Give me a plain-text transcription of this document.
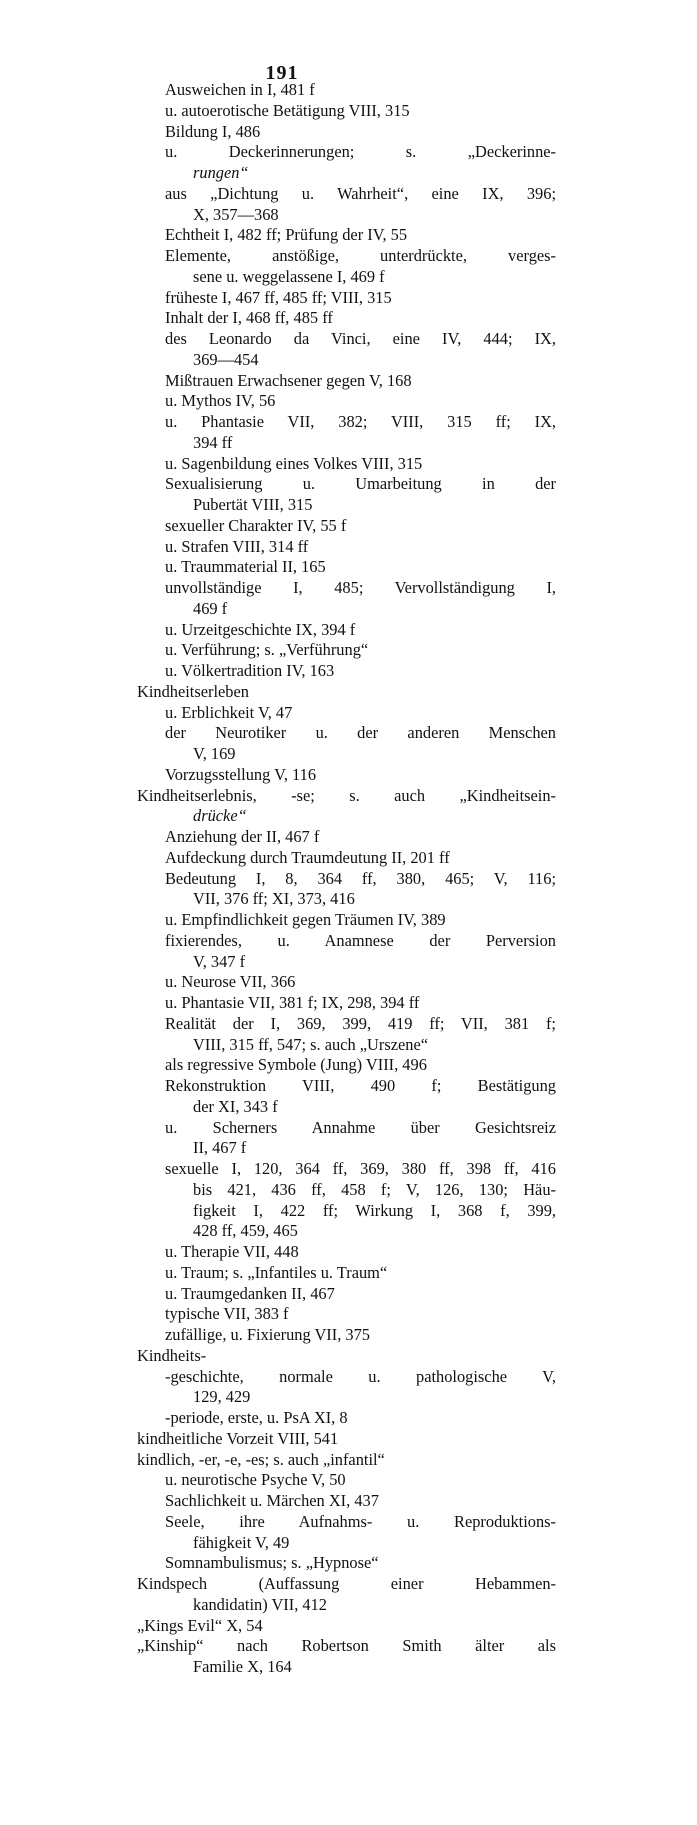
191
Ausweichen in I, 481 f
u. autoerotische Betätigung VIII, 315
Bildung I, 486
u. Deckerinnerungen; s. „Deckerinne-
rungen“
aus „Dichtung u. Wahrheit“, eine IX, 396;
X, 357—368
Echtheit I, 482 ff; Prüfung der IV, 55
Elemente, anstößige, unterdrückte, verges-
sene u. weggelassene I, 469 f
früheste I, 467 ff, 485 ff; VIII, 315
Inhalt der I, 468 ff, 485 ff
des Leonardo da Vinci, eine IV, 444; IX,
369—454
Mißtrauen Erwachsener gegen V, 168
u. Mythos IV, 56
u. Phantasie VII, 382; VIII, 315 ff; IX,
394 ff
u. Sagenbildung eines Volkes VIII, 315
Sexualisierung u. Umarbeitung in der
Pubertät VIII, 315
sexueller Charakter IV, 55 f
u. Strafen VIII, 314 ff
u. Traummaterial II, 165
unvollständige I, 485; Vervollständigung I,
469 f
u. Urzeitgeschichte IX, 394 f
u. Verführung; s. „Verführung“
u. Völkertradition IV, 163
Kindheitserleben
u. Erblichkeit V, 47
der Neurotiker u. der anderen Menschen
V, 169
Vorzugsstellung V, 116
Kindheitserlebnis, -se; s. auch „Kindheitsein-
drücke“
Anziehung der II, 467 f
Aufdeckung durch Traumdeutung II, 201 ff
Bedeutung I, 8, 364 ff, 380, 465; V, 116;
VII, 376 ff; XI, 373, 416
u. Empfindlichkeit gegen Träumen IV, 389
fixierendes, u. Anamnese der Perversion
V, 347 f
u. Neurose VII, 366
u. Phantasie VII, 381 f; IX, 298, 394 ff
Realität der I, 369, 399, 419 ff; VII, 381 f;
VIII, 315 ff, 547; s. auch „Urszene“
als regressive Symbole (Jung) VIII, 496
Rekonstruktion VIII, 490 f; Bestätigung
der XI, 343 f
u. Scherners Annahme über Gesichtsreiz
II, 467 f
sexuelle I, 120, 364 ff, 369, 380 ff, 398 ff, 416
bis 421, 436 ff, 458 f; V, 126, 130; Häu-
figkeit I, 422 ff; Wirkung I, 368 f, 399,
428 ff, 459, 465
u. Therapie VII, 448
u. Traum; s. „Infantiles u. Traum“
u. Traumgedanken II, 467
typische VII, 383 f
zufällige, u. Fixierung VII, 375
Kindheits-
-geschichte, normale u. pathologische V,
129, 429
-periode, erste, u. PsA XI, 8
kindheitliche Vorzeit VIII, 541
kindlich, -er, -e, -es; s. auch „infantil“
u. neurotische Psyche V, 50
Sachlichkeit u. Märchen XI, 437
Seele, ihre Aufnahms- u. Reproduktions-
fähigkeit V, 49
Somnambulismus; s. „Hypnose“
Kindspech (Auffassung einer Hebammen-
kandidatin) VII, 412
„Kings Evil“ X, 54
„Kinship“ nach Robertson Smith älter als
Familie X, 164
